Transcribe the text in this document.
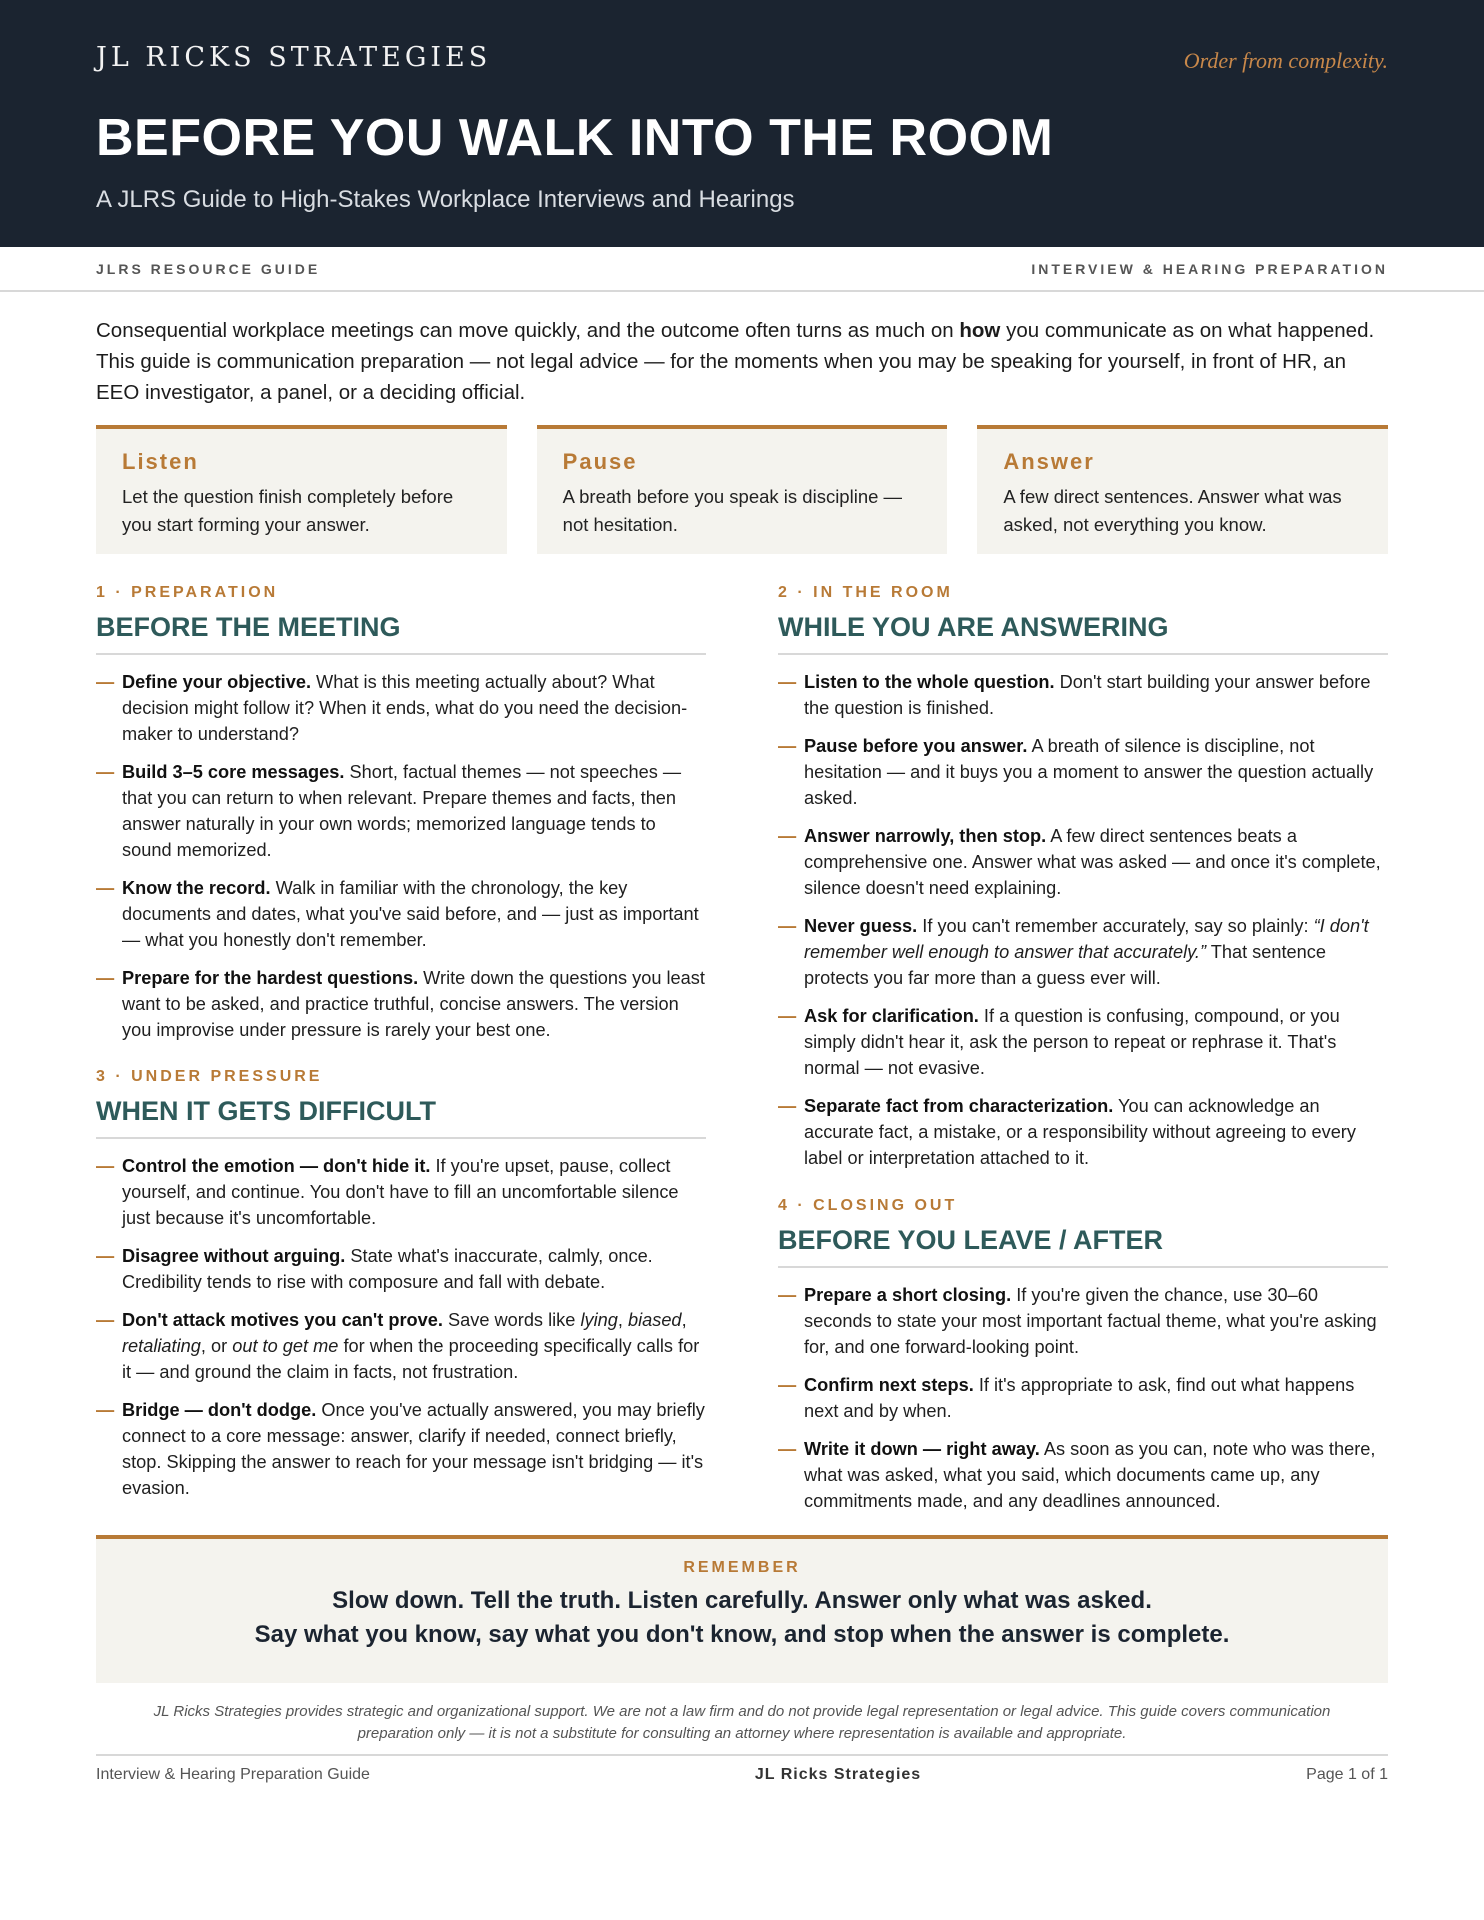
JL RICKS STRATEGIES	Order from complexity.
BEFORE YOU WALK INTO THE ROOM
A JLRS Guide to High-Stakes Workplace Interviews and Hearings
JLRS RESOURCE GUIDE	INTERVIEW & HEARING PREPARATION

Consequential workplace meetings can move quickly, and the outcome often turns as much on how you communicate as on what happened. This guide is communication preparation — not legal advice — for the moments when you may be speaking for yourself, in front of HR, an EEO investigator, a panel, or a deciding official.

Listen
Let the question finish completely before you start forming your answer.
Pause
A breath before you speak is discipline — not hesitation.
Answer
A few direct sentences. Answer what was asked, not everything you know.
1 · PREPARATION
BEFORE THE MEETING
— Define your objective. What is this meeting actually about? What decision might follow it? When it ends, what do you need the decision-maker to understand?
— Build 3–5 core messages. Short, factual themes — not speeches — that you can return to when relevant. Prepare themes and facts, then answer naturally in your own words; memorized language tends to sound memorized.
— Know the record. Walk in familiar with the chronology, the key documents and dates, what you've said before, and — just as important — what you honestly don't remember.
— Prepare for the hardest questions. Write down the questions you least want to be asked, and practice truthful, concise answers. The version you improvise under pressure is rarely your best one.
3 · UNDER PRESSURE
WHEN IT GETS DIFFICULT
— Control the emotion — don't hide it. If you're upset, pause, collect yourself, and continue. You don't have to fill an uncomfortable silence just because it's uncomfortable.
— Disagree without arguing. State what's inaccurate, calmly, once. Credibility tends to rise with composure and fall with debate.
— Don't attack motives you can't prove. Save words like lying, biased, retaliating, or out to get me for when the proceeding specifically calls for it — and ground the claim in facts, not frustration.
— Bridge — don't dodge. Once you've actually answered, you may briefly connect to a core message: answer, clarify if needed, connect briefly, stop. Skipping the answer to reach for your message isn't bridging — it's evasion.
2 · IN THE ROOM
WHILE YOU ARE ANSWERING
— Listen to the whole question. Don't start building your answer before the question is finished.
— Pause before you answer. A breath of silence is discipline, not hesitation — and it buys you a moment to answer the question actually asked.
— Answer narrowly, then stop. A few direct sentences beats a comprehensive one. Answer what was asked — and once it's complete, silence doesn't need explaining.
— Never guess. If you can't remember accurately, say so plainly: “I don't remember well enough to answer that accurately.” That sentence protects you far more than a guess ever will.
— Ask for clarification. If a question is confusing, compound, or you simply didn't hear it, ask the person to repeat or rephrase it. That's normal — not evasive.
— Separate fact from characterization. You can acknowledge an accurate fact, a mistake, or a responsibility without agreeing to every label or interpretation attached to it.
4 · CLOSING OUT
BEFORE YOU LEAVE / AFTER
— Prepare a short closing. If you're given the chance, use 30–60 seconds to state your most important factual theme, what you're asking for, and one forward-looking point.
— Confirm next steps. If it's appropriate to ask, find out what happens next and by when.
— Write it down — right away. As soon as you can, note who was there, what was asked, what you said, which documents came up, any commitments made, and any deadlines announced.
REMEMBER
Slow down. Tell the truth. Listen carefully. Answer only what was asked.
Say what you know, say what you don't know, and stop when the answer is complete.

JL Ricks Strategies provides strategic and organizational support. We are not a law firm and do not provide legal representation or legal advice. This guide covers communication preparation only — it is not a substitute for consulting an attorney where representation is available and appropriate.

Interview & Hearing Preparation Guide	JL Ricks Strategies	Page 1 of 1
